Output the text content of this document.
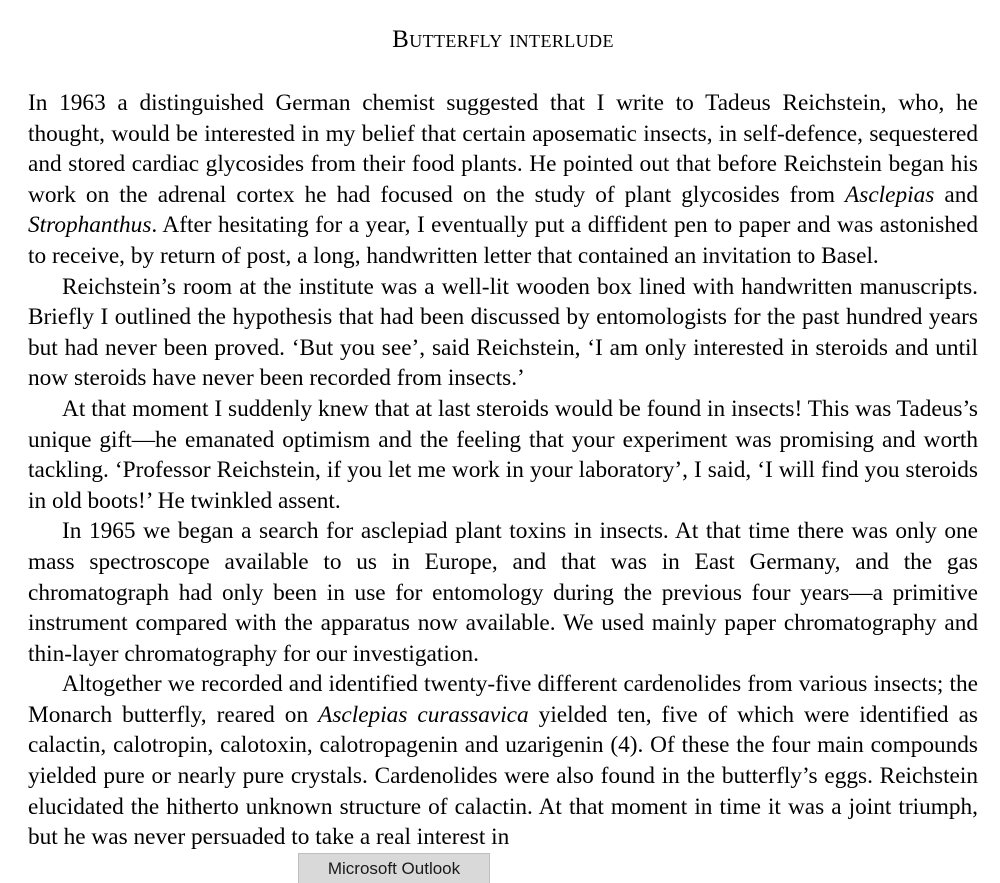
Butterfly interlude

In 1963 a distinguished German chemist suggested that I write to Tadeus Reichstein, who, he thought, would be interested in my belief that certain aposematic insects, in self-defence, sequestered and stored cardiac glycosides from their food plants. He pointed out that before Reichstein began his work on the adrenal cortex he had focused on the study of plant glycosides from Asclepias and Strophanthus. After hesitating for a year, I eventually put a diffident pen to paper and was astonished to receive, by return of post, a long, handwritten letter that contained an invitation to Basel.

Reichstein’s room at the institute was a well-lit wooden box lined with handwritten manuscripts. Briefly I outlined the hypothesis that had been discussed by entomologists for the past hundred years but had never been proved. ‘But you see’, said Reichstein, ‘I am only interested in steroids and until now steroids have never been recorded from insects.’

At that moment I suddenly knew that at last steroids would be found in insects! This was Tadeus’s unique gift—he emanated optimism and the feeling that your experiment was promising and worth tackling. ‘Professor Reichstein, if you let me work in your laboratory’, I said, ‘I will find you steroids in old boots!’ He twinkled assent.

In 1965 we began a search for asclepiad plant toxins in insects. At that time there was only one mass spectroscope available to us in Europe, and that was in East Germany, and the gas chromatograph had only been in use for entomology during the previous four years—a primitive instrument compared with the apparatus now available. We used mainly paper chromatography and thin-layer chromatography for our investigation.

Altogether we recorded and identified twenty-five different cardenolides from various insects; the Monarch butterfly, reared on Asclepias curassavica yielded ten, five of which were identified as calactin, calotropin, calotoxin, calotropagenin and uzarigenin (4). Of these the four main compounds yielded pure or nearly pure crystals. Cardenolides were also found in the butterfly’s eggs. Reichstein elucidated the hitherto unknown structure of calactin. At that moment in time it was a joint triumph, but he was never persuaded to take a real interest in

Microsoft Outlook
